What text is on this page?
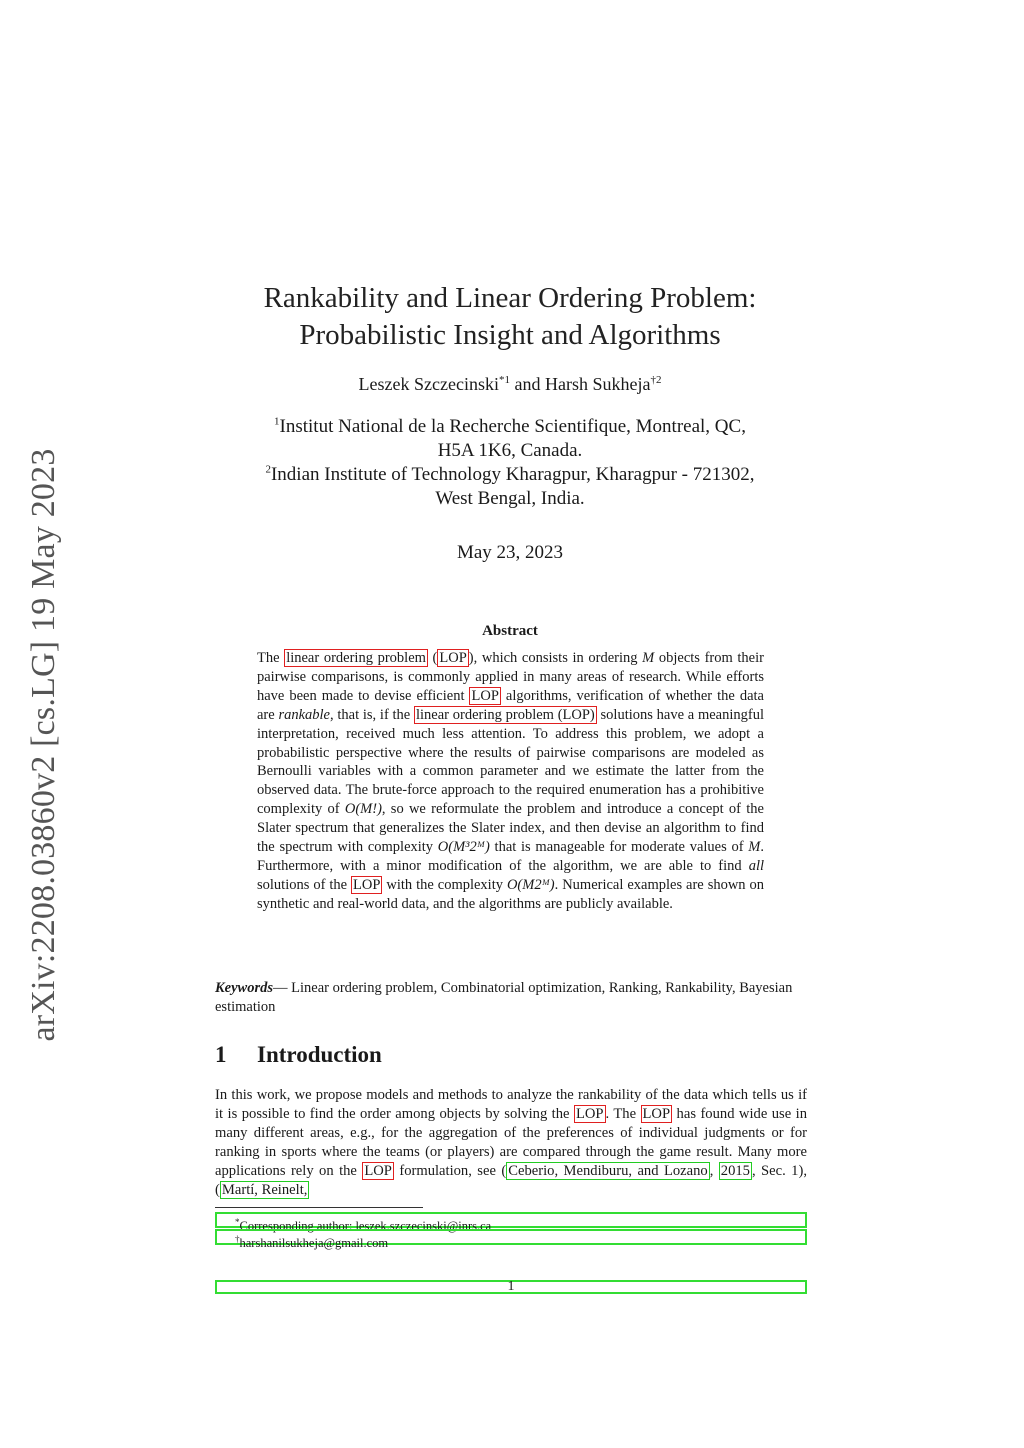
arXiv:2208.03860v2 [cs.LG] 19 May 2023
Rankability and Linear Ordering Problem:
Probabilistic Insight and Algorithms
Leszek Szczecinski$^{*1}$ and Harsh Sukheja$^{\dagger 2}$
$^1$Institut National de la Recherche Scientifique, Montreal, QC,
H5A 1K6, Canada.
$^2$Indian Institute of Technology Kharagpur, Kharagpur - 721302,
West Bengal, India.
May 23, 2023
Abstract
The linear ordering problem ( LOP ), which consists in ordering M objects from their pairwise comparisons, is commonly applied in many areas of research. While efforts have been made to devise efficient LOP algorithms, verification of whether the data are rankable, that is, if the linear ordering problem (LOP) solutions have a meaningful interpretation, received much less attention. To address this problem, we adopt a probabilistic perspective where the results of pairwise comparisons are modeled as Bernoulli variables with a common parameter and we estimate the latter from the observed data. The brute-force approach to the required enumeration has a prohibitive complexity of O(M!), so we reformulate the problem and introduce a concept of the Slater spectrum that generalizes the Slater index, and then devise an algorithm to find the spectrum with complexity O(M³2ᴹ) that is manageable for moderate values of M. Furthermore, with a minor modification of the algorithm, we are able to find all solutions of the LOP with the complexity O(M2ᴹ). Numerical examples are shown on synthetic and real-world data, and the algorithms are publicly available.
Keywords— Linear ordering problem, Combinatorial optimization, Ranking, Rankability, Bayesian estimation
1 Introduction
In this work, we propose models and methods to analyze the rankability of the data which tells us if it is possible to find the order among objects by solving the LOP . The LOP has found wide use in many different areas, e.g., for the aggregation of the preferences of individual judgments or for ranking in sports where the teams (or players) are compared through the game result. Many more applications rely on the LOP formulation, see ( Ceberio, Mendiburu, and Lozano , 2015 , Sec. 1), ( Martí, Reinelt,
*Corresponding author: leszek.szczecinski@inrs.ca
†harshanilsukheja@gmail.com
1
